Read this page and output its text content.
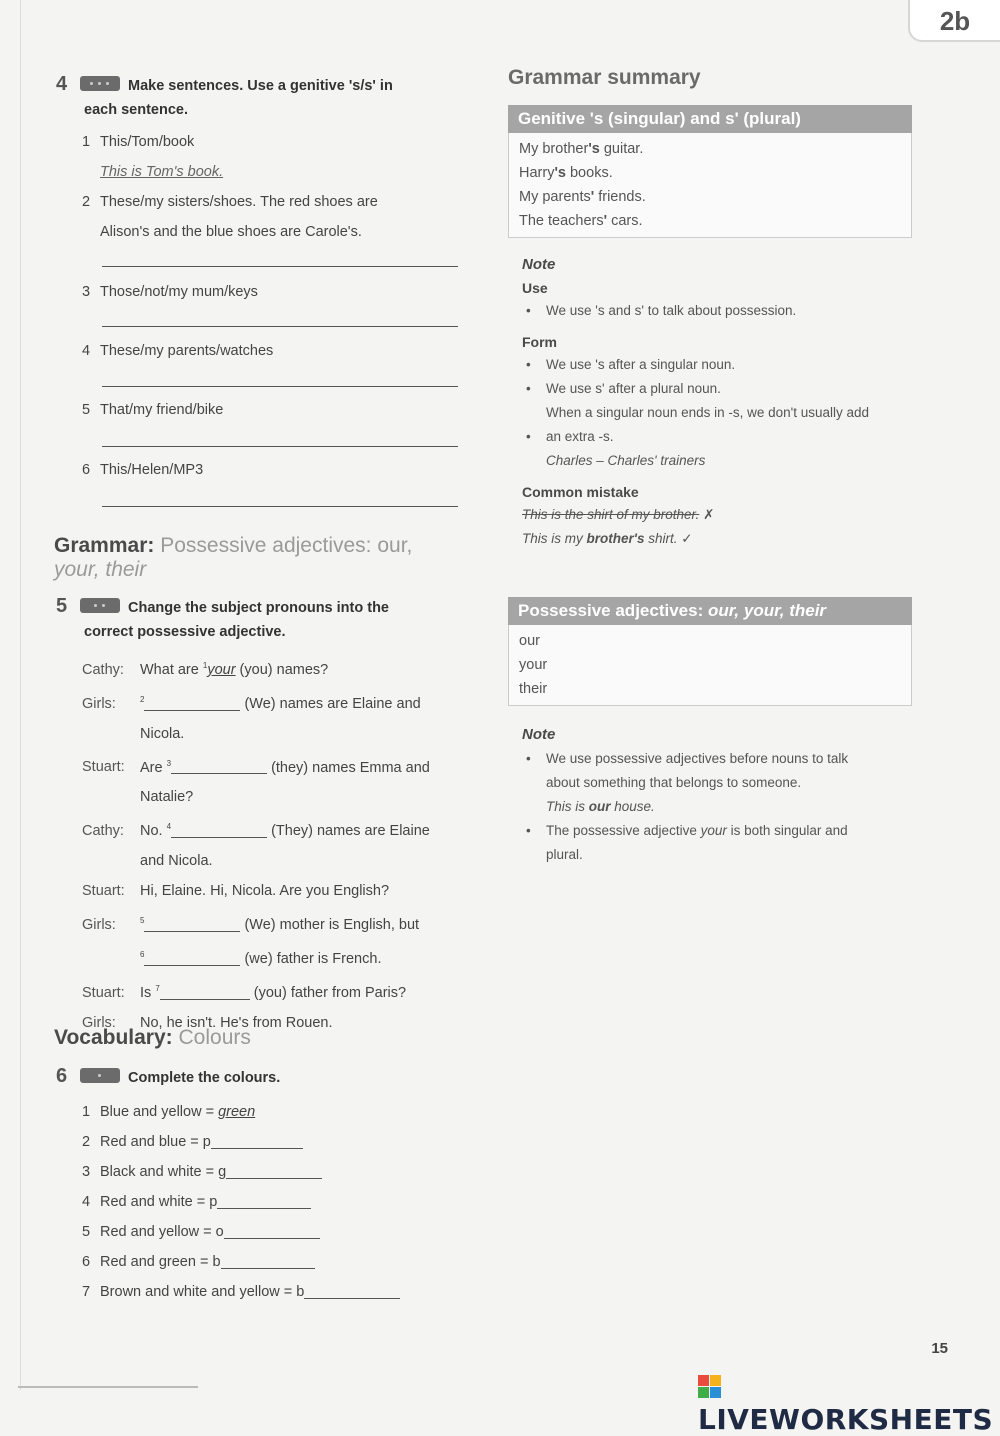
2b
4	Make sentences. Use a genitive 's/s' in
each sentence.
1 This/Tom/book
This is Tom's book.
2 These/my sisters/shoes. The red shoes are
Alison's and the blue shoes are Carole's.
3 Those/not/my mum/keys
4 These/my parents/watches
5 That/my friend/bike
6 This/Helen/MP3
Grammar: Possessive adjectives: our,
your, their
5	Change the subject pronouns into the
correct possessive adjective.
Cathy: What are $^1$your (you) names?
Girls:	$^2$	(We) names are Elaine and
Nicola.
Stuart: Are $^3$	(they) names Emma and
Natalie?
Cathy: No. $^4$	(They) names are Elaine
and Nicola.
Stuart: Hi, Elaine. Hi, Nicola. Are you English?
Girls:	$^5$	(We) mother is English, but
$^6$	(we) father is French.
Stuart: Is $^7$	(you) father from Paris?
Girls: No, he isn't. He's from Rouen.
Vocabulary: Colours
6	Complete the colours.
1 Blue and yellow = green
2 Red and blue = p
3 Black and white = g
4 Red and white = p
5 Red and yellow = o
6 Red and green = b
7 Brown and white and yellow = b
Grammar summary
Genitive 's (singular) and s' (plural)
My brother's guitar.
Harry's books.
My parents' friends.
The teachers' cars.
Note
Use
• We use 's and s' to talk about possession.
Form
• We use 's after a singular noun.
• We use s' after a plural noun.
When a singular noun ends in -s, we don't usually add
• an extra -s.
Charles – Charles' trainers
Common mistake
This is the shirt of my brother. ✗
This is my brother's shirt. ✓
Possessive adjectives: our, your, their
our
your
their
Note
• We use possessive adjectives before nouns to talk
about something that belongs to someone.
This is our house.
• The possessive adjective your is both singular and
plural.
15
LIVEWORKSHEETS
